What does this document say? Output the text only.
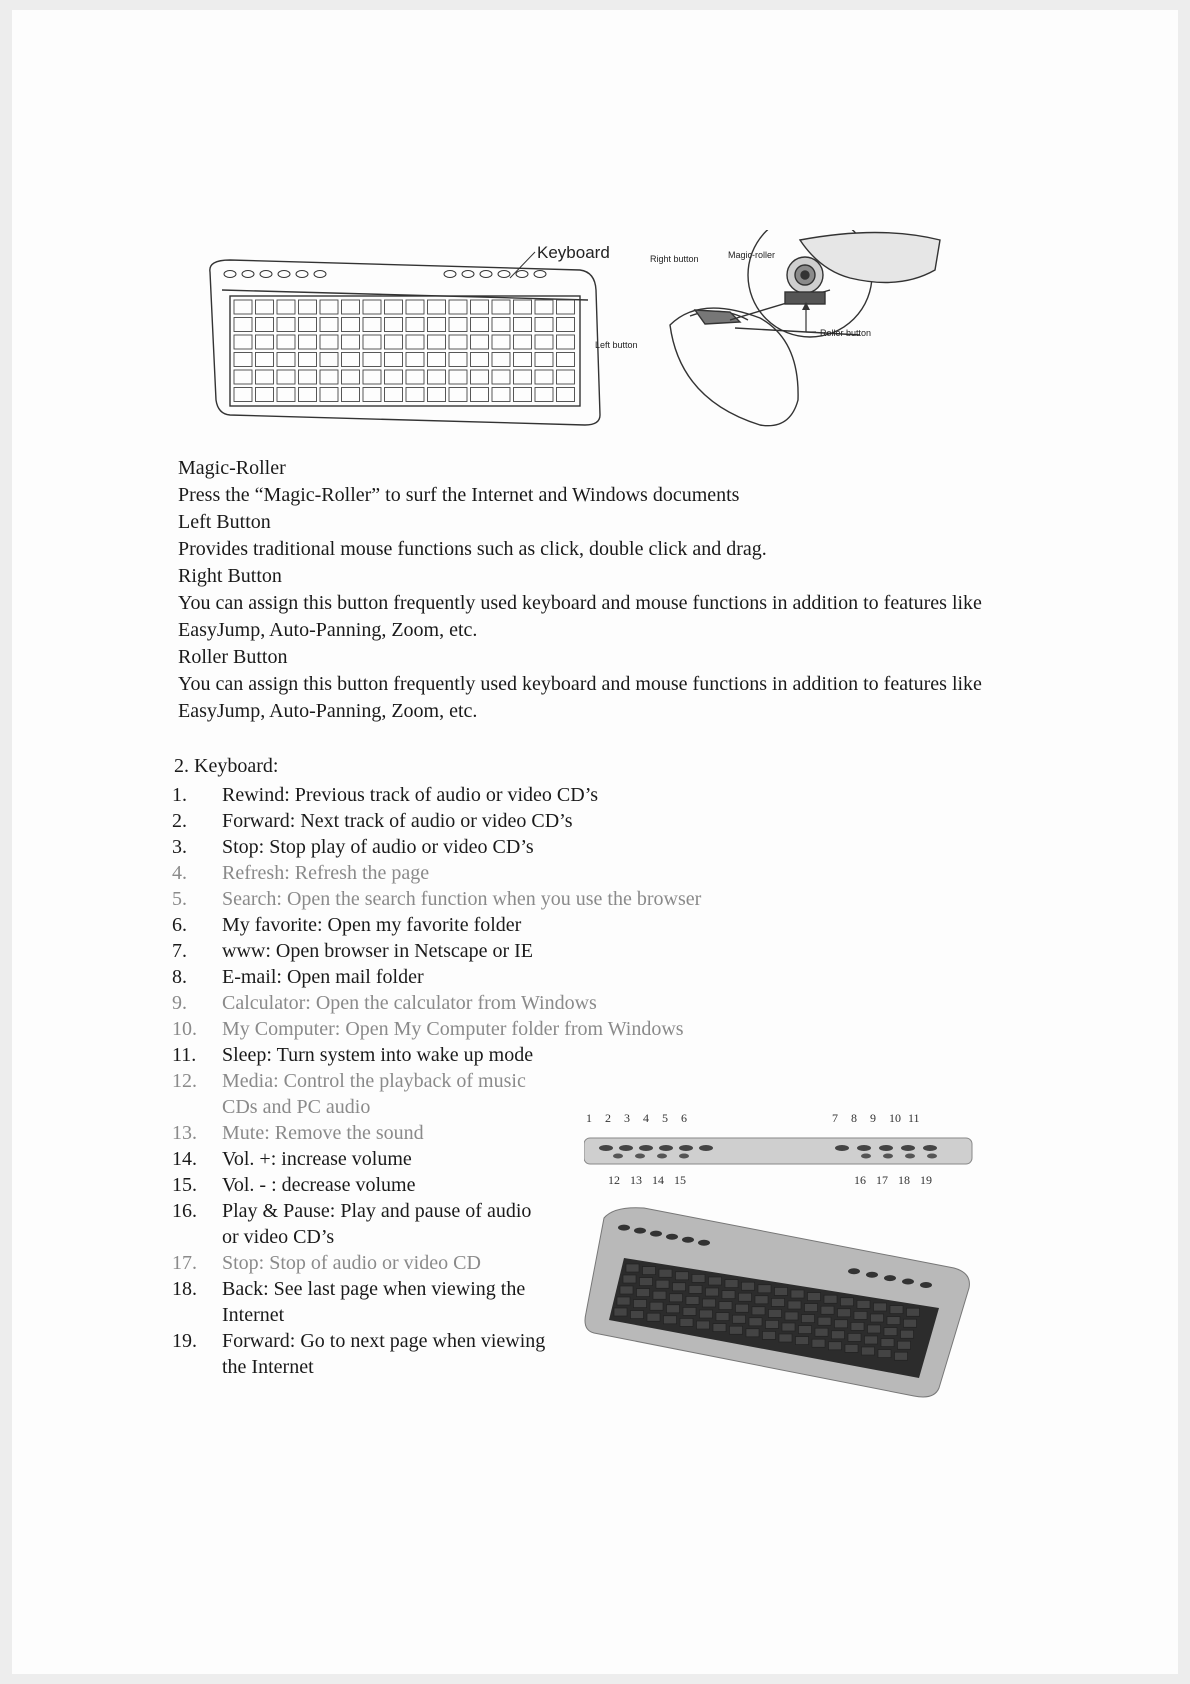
Keyboard	Right button	Magic-roller
Left button
Roller button

Magic-Roller

Press the “Magic-Roller” to surf the Internet and Windows documents

Left Button

Provides traditional mouse functions such as click, double click and drag.

Right Button

You can assign this button frequently used keyboard and mouse functions in addition to features like EasyJump, Auto-Panning, Zoom, etc.

Roller Button

You can assign this button frequently used keyboard and mouse functions in addition to features like EasyJump, Auto-Panning, Zoom, etc.

2. Keyboard:

1.	Rewind: Previous track of audio or video CD’s
2.	Forward: Next track of audio or video CD’s
3.	Stop: Stop play of audio or video CD’s
4.	Refresh: Refresh the page
5.	Search: Open the search function when you use the browser
6.	My favorite: Open my favorite folder
7.	www: Open browser in Netscape or IE
8.	E-mail: Open mail folder
9.	Calculator: Open the calculator from Windows
10.	My Computer: Open My Computer folder from Windows
11.	Sleep: Turn system into wake up mode
12.	Media: Control the playback of music CDs and PC audio
13.	Mute: Remove the sound
14.	Vol. +: increase volume
15.	Vol. - : decrease volume
16.	Play & Pause: Play and pause of audio or video CD’s
17.	Stop: Stop of audio or video CD
18.	Back: See last page when viewing the Internet
19.	Forward: Go to next page when viewing the Internet
1 2 3 4 5 6	7 8 9 10 11
12 13 14 15	16 17 18 19
